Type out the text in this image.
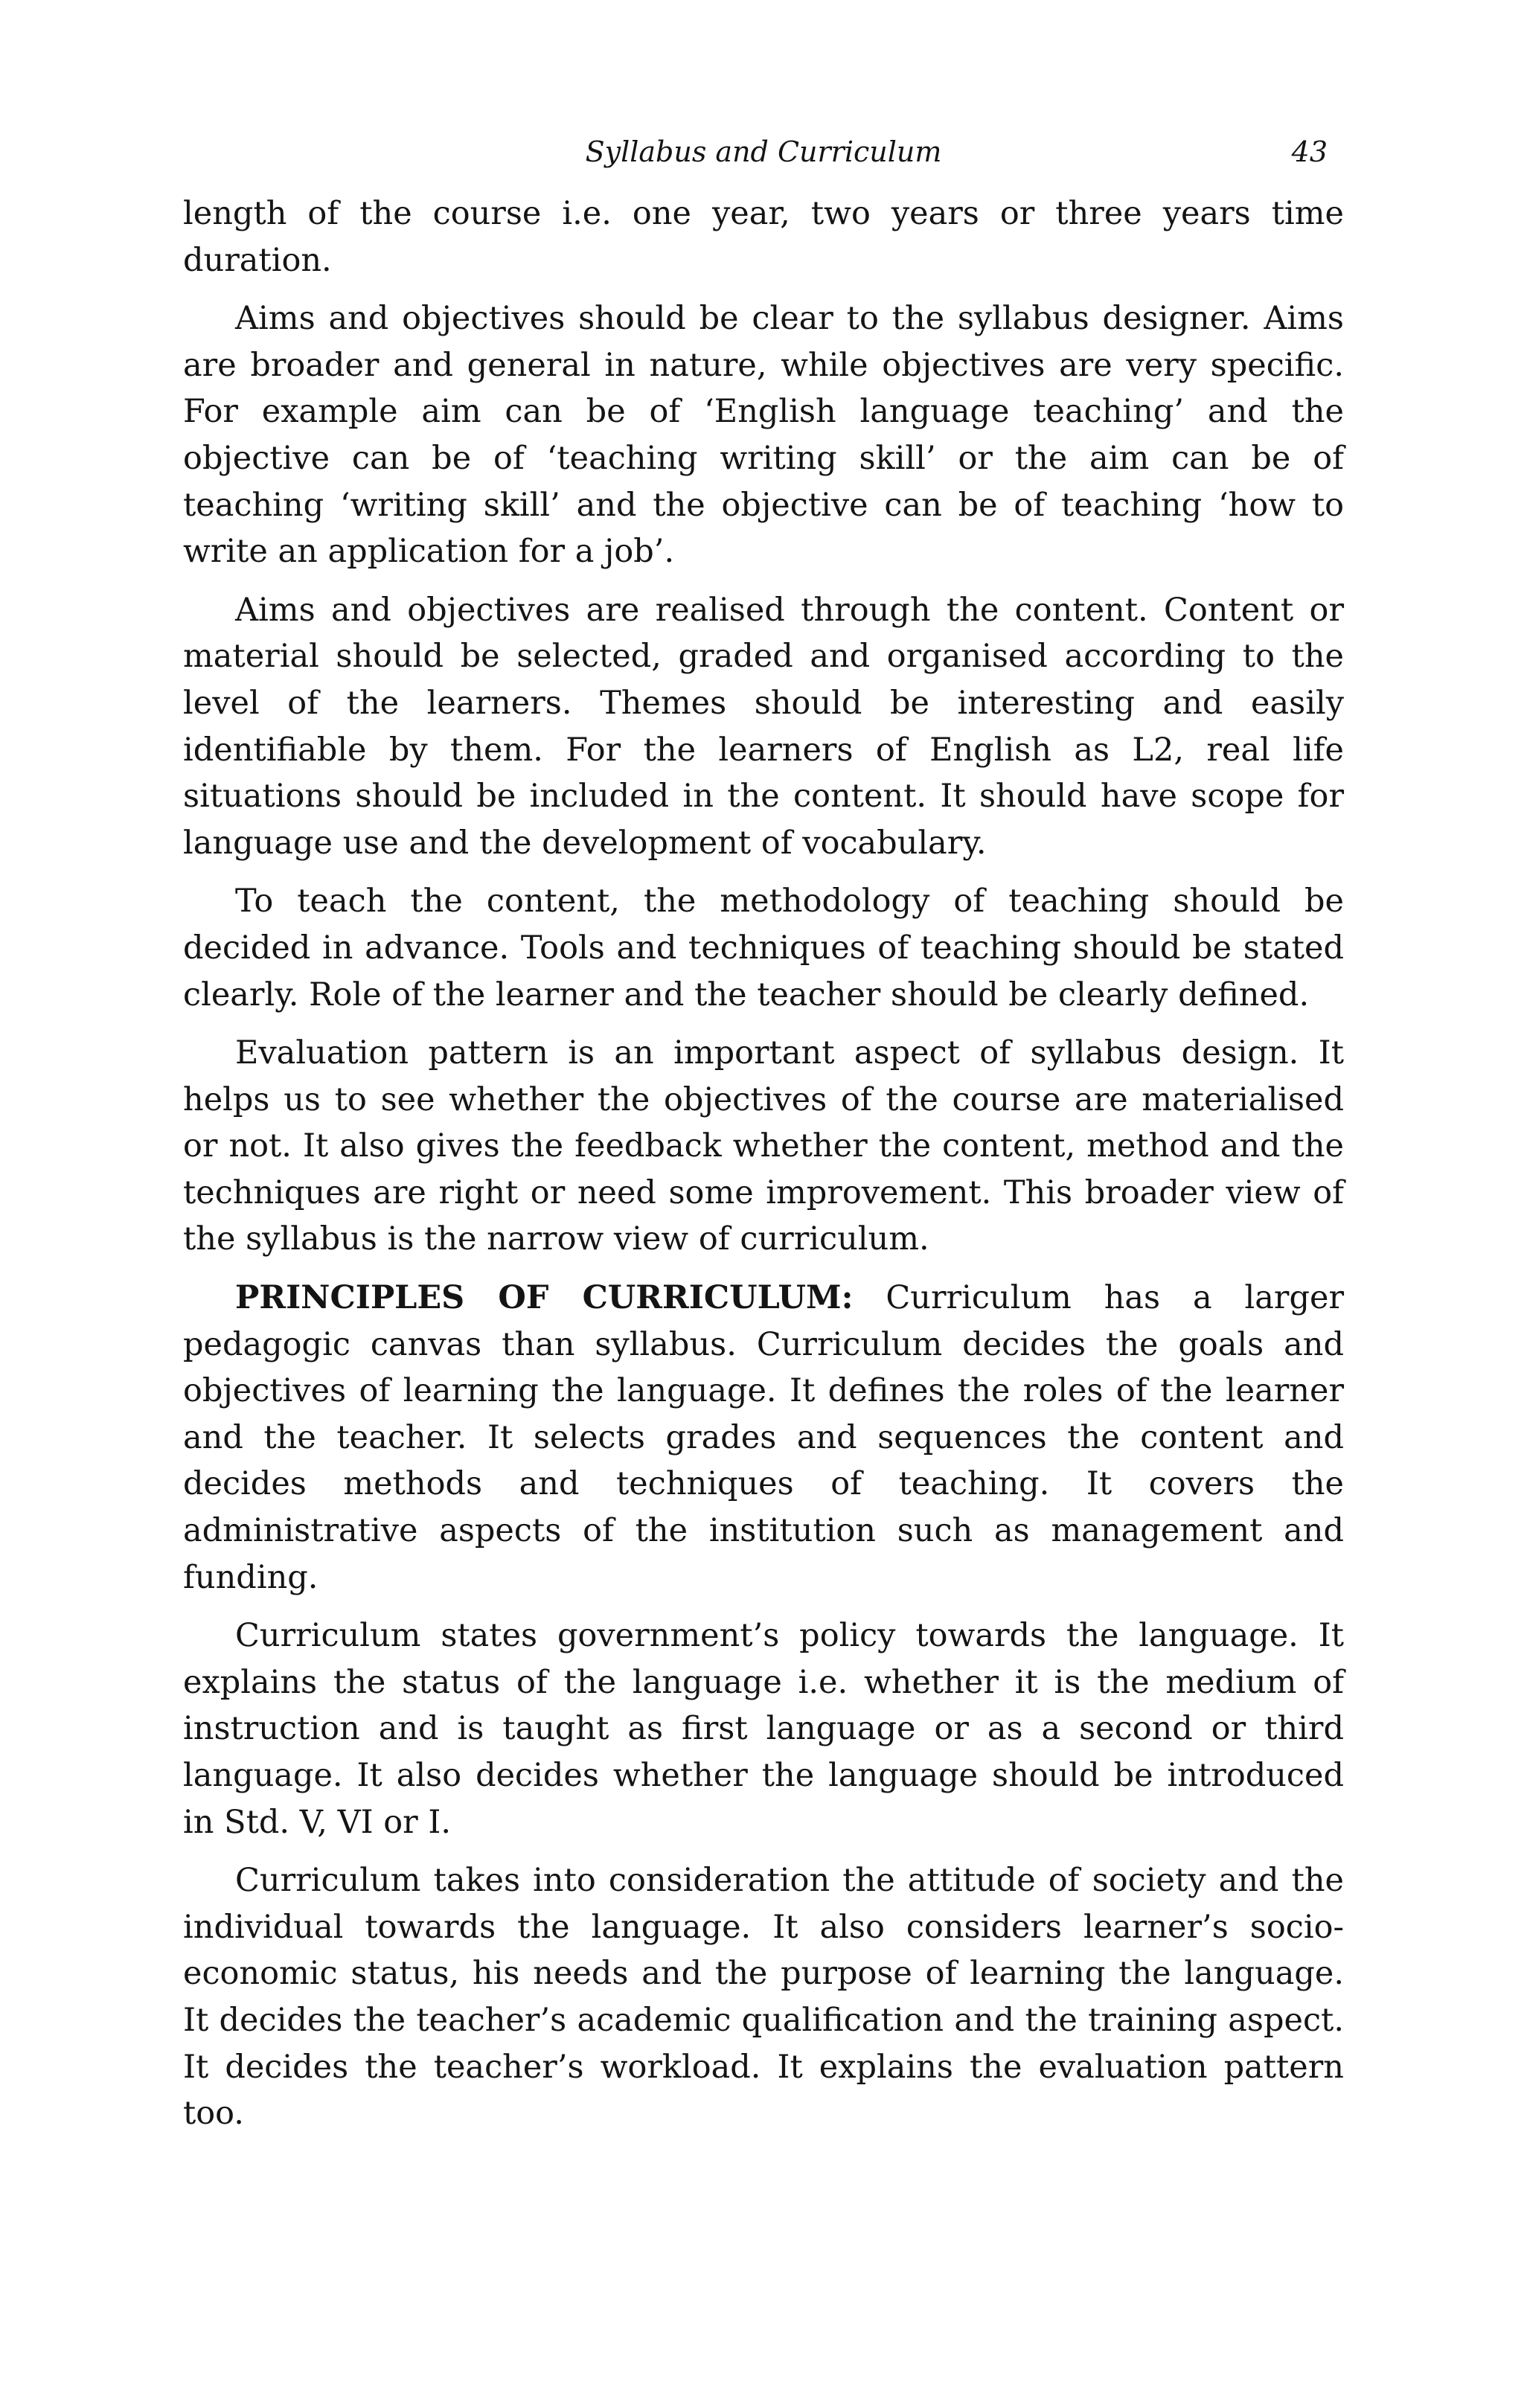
Syllabus and Curriculum	43

length of the course i.e. one year, two years or three years time duration.

Aims and objectives should be clear to the syllabus designer. Aims are broader and general in nature, while objectives are very specific. For example aim can be of ‘English language teaching’ and the objective can be of ‘teaching writing skill’ or the aim can be of teaching ‘writing skill’ and the objective can be of teaching ‘how to write an application for a job’.

Aims and objectives are realised through the content. Content or material should be selected, graded and organised according to the level of the learners. Themes should be interesting and easily identifiable by them. For the learners of English as L2, real life situations should be included in the content. It should have scope for language use and the development of vocabulary.

To teach the content, the methodology of teaching should be decided in advance. Tools and techniques of teaching should be stated clearly. Role of the learner and the teacher should be clearly defined.

Evaluation pattern is an important aspect of syllabus design. It helps us to see whether the objectives of the course are materialised or not. It also gives the feedback whether the content, method and the techniques are right or need some improvement. This broader view of the syllabus is the narrow view of curriculum.

PRINCIPLES OF CURRICULUM: Curriculum has a larger pedagogic canvas than syllabus. Curriculum decides the goals and objectives of learning the language. It defines the roles of the learner and the teacher. It selects grades and sequences the content and decides methods and techniques of teaching. It covers the administrative aspects of the institution such as management and funding.

Curriculum states government’s policy towards the language. It explains the status of the language i.e. whether it is the medium of instruction and is taught as first language or as a second or third language. It also decides whether the language should be introduced in Std. V, VI or I.

Curriculum takes into consideration the attitude of society and the individual towards the language. It also considers learner’s socio-economic status, his needs and the purpose of learning the language. It decides the teacher’s academic qualification and the training aspect. It decides the teacher’s workload. It explains the evaluation pattern too.
